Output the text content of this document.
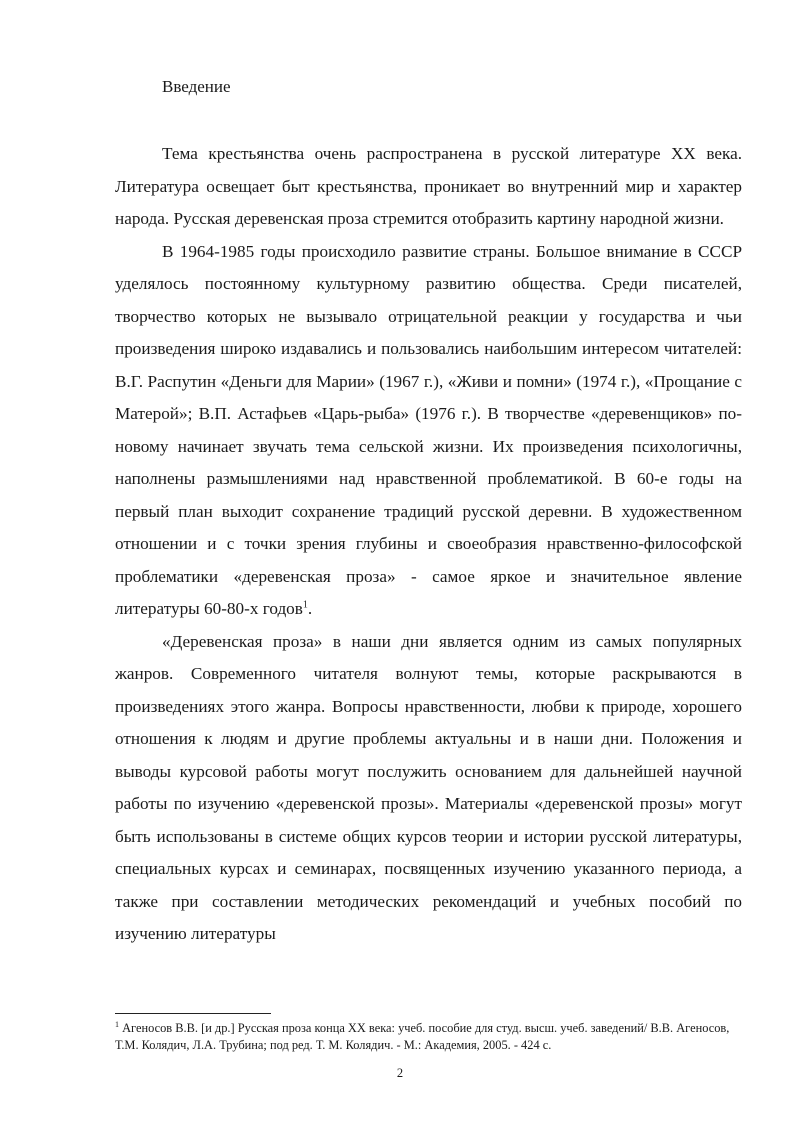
Введение

Тема крестьянства очень распространена в русской литературе XX века. Литература освещает быт крестьянства, проникает во внутренний мир и характер народа. Русская деревенская проза стремится отобразить картину народной жизни.

В 1964-1985 годы происходило развитие страны. Большое внимание в СССР уделялось постоянному культурному развитию общества. Среди писателей, творчество которых не вызывало отрицательной реакции у государства и чьи произведения широко издавались и пользовались наибольшим интересом читателей: В.Г. Распутин «Деньги для Марии» (1967 г.), «Живи и помни» (1974 г.), «Прощание с Матерой»; В.П. Астафьев «Царь-рыба» (1976 г.). В творчестве «деревенщиков» по-новому начинает звучать тема сельской жизни. Их произведения психологичны, наполнены размышлениями над нравственной проблематикой. В 60-е годы на первый план выходит сохранение традиций русской деревни. В художественном отношении и с точки зрения глубины и своеобразия нравственно-философской проблематики «деревенская проза» - самое яркое и значительное явление литературы 60-80-х годов$^1$.

«Деревенская проза» в наши дни является одним из самых популярных жанров. Современного читателя волнуют темы, которые раскрываются в произведениях этого жанра. Вопросы нравственности, любви к природе, хорошего отношения к людям и другие проблемы актуальны и в наши дни. Положения и выводы курсовой работы могут послужить основанием для дальнейшей научной работы по изучению «деревенской прозы». Материалы «деревенской прозы» могут быть использованы в системе общих курсов теории и истории русской литературы, специальных курсах и семинарах, посвященных изучению указанного периода, а также при составлении методических рекомендаций и учебных пособий по изучению литературы

$^1$ Агеносов В.В. [и др.] Русская проза конца XX века: учеб. пособие для студ. высш. учеб. заведений/ В.В. Агеносов, Т.М. Колядич, Л.А. Трубина; под ред. Т. М. Колядич. - М.: Академия, 2005. - 424 с.
2
